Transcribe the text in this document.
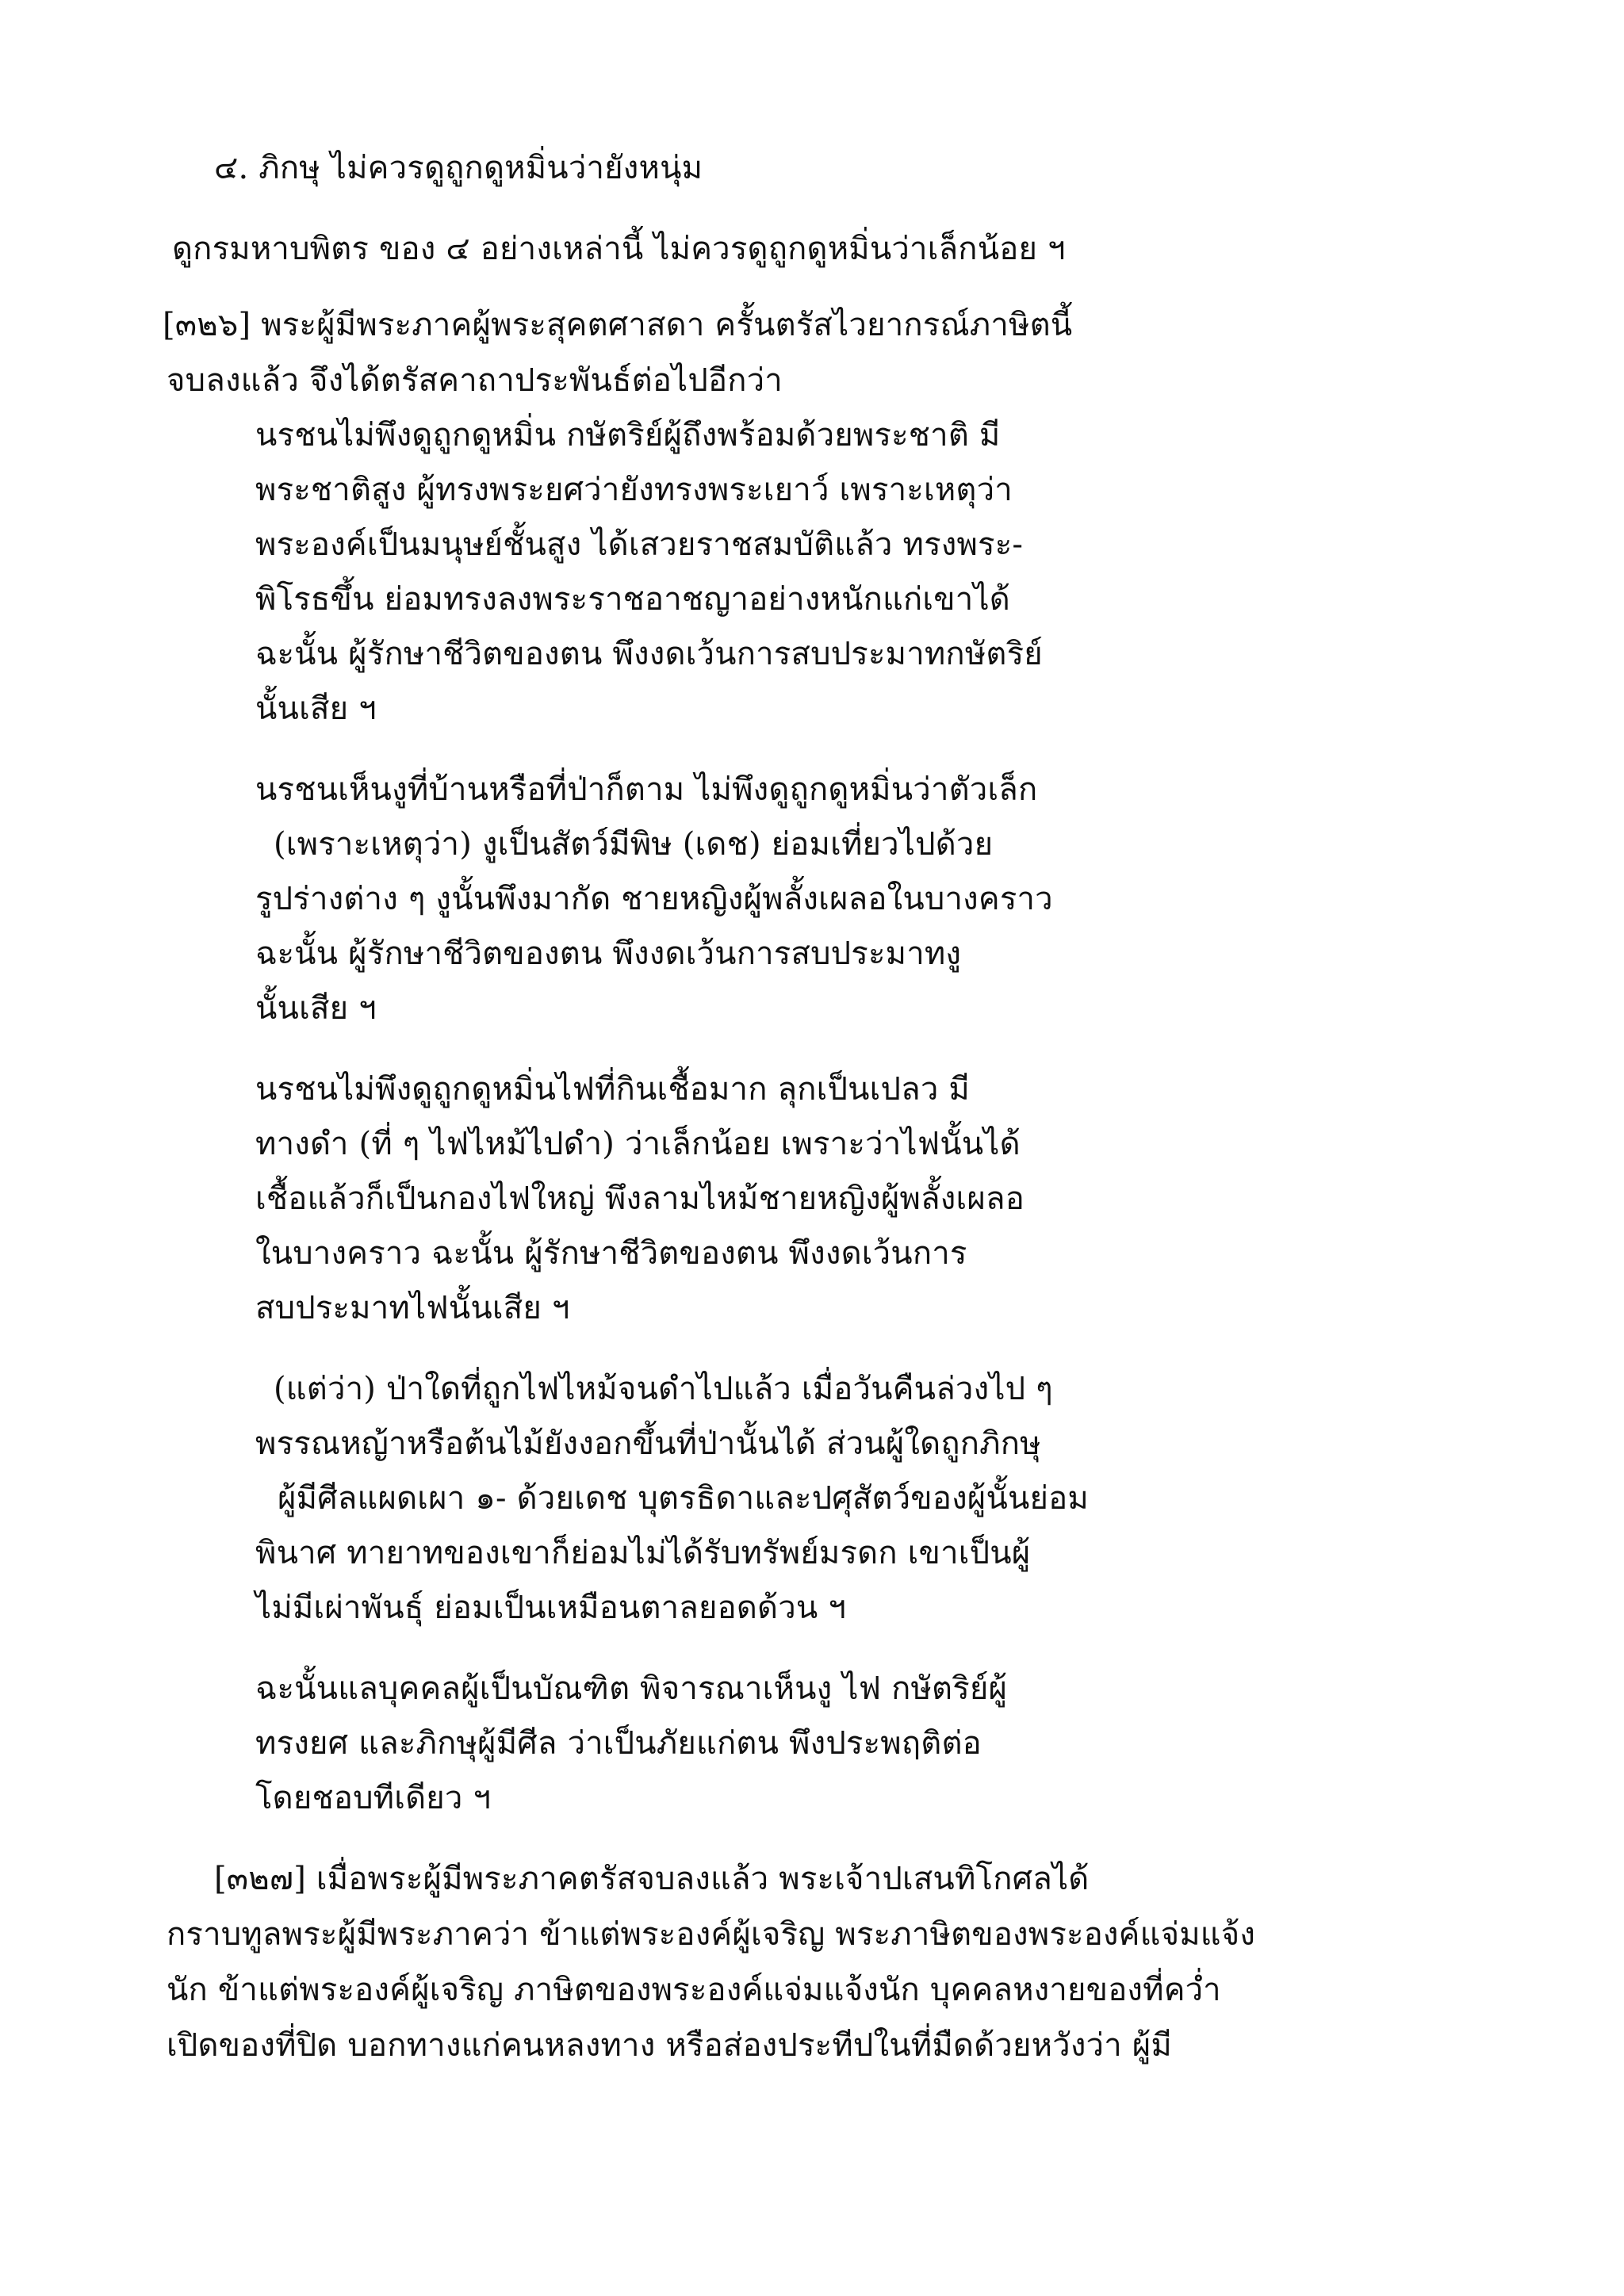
๔. ภิกษุ ไม่ควรดูถูกดูหมิ่นว่ายังหนุ่ม
ดูกรมหาบพิตร ของ ๔ อย่างเหล่านี้ ไม่ควรดูถูกดูหมิ่นว่าเล็กน้อย ฯ
[๓๒๖] พระผู้มีพระภาคผู้พระสุคตศาสดา ครั้นตรัสไวยากรณ์ภาษิตนี้
จบลงแล้ว จึงได้ตรัสคาถาประพันธ์ต่อไปอีกว่า
นรชนไม่พึงดูถูกดูหมิ่น กษัตริย์ผู้ถึงพร้อมด้วยพระชาติ มี
พระชาติสูง ผู้ทรงพระยศว่ายังทรงพระเยาว์ เพราะเหตุว่า
พระองค์เป็นมนุษย์ชั้นสูง ได้เสวยราชสมบัติแล้ว ทรงพระ-
พิโรธขึ้น ย่อมทรงลงพระราชอาชญาอย่างหนักแก่เขาได้
ฉะนั้น ผู้รักษาชีวิตของตน พึงงดเว้นการสบประมาทกษัตริย์
นั้นเสีย ฯ
นรชนเห็นงูที่บ้านหรือที่ป่าก็ตาม ไม่พึงดูถูกดูหมิ่นว่าตัวเล็ก
(เพราะเหตุว่า) งูเป็นสัตว์มีพิษ (เดช) ย่อมเที่ยวไปด้วย
รูปร่างต่าง ๆ งูนั้นพึงมากัด ชายหญิงผู้พลั้งเผลอในบางคราว
ฉะนั้น ผู้รักษาชีวิตของตน พึงงดเว้นการสบประมาทงู
นั้นเสีย ฯ
นรชนไม่พึงดูถูกดูหมิ่นไฟที่กินเชื้อมาก ลุกเป็นเปลว มี
ทางดำ (ที่ ๆ ไฟไหม้ไปดำ) ว่าเล็กน้อย เพราะว่าไฟนั้นได้
เชื้อแล้วก็เป็นกองไฟใหญ่ พึงลามไหม้ชายหญิงผู้พลั้งเผลอ
ในบางคราว ฉะนั้น ผู้รักษาชีวิตของตน พึงงดเว้นการ
สบประมาทไฟนั้นเสีย ฯ
(แต่ว่า) ป่าใดที่ถูกไฟไหม้จนดำไปแล้ว เมื่อวันคืนล่วงไป ๆ
พรรณหญ้าหรือต้นไม้ยังงอกขึ้นที่ป่านั้นได้ ส่วนผู้ใดถูกภิกษุ
ผู้มีศีลแผดเผา ๑- ด้วยเดช บุตรธิดาและปศุสัตว์ของผู้นั้นย่อม
พินาศ ทายาทของเขาก็ย่อมไม่ได้รับทรัพย์มรดก เขาเป็นผู้
ไม่มีเผ่าพันธุ์ ย่อมเป็นเหมือนตาลยอดด้วน ฯ
ฉะนั้นแลบุคคลผู้เป็นบัณฑิต พิจารณาเห็นงู ไฟ กษัตริย์ผู้
ทรงยศ และภิกษุผู้มีศีล ว่าเป็นภัยแก่ตน พึงประพฤติต่อ
โดยชอบทีเดียว ฯ
[๓๒๗] เมื่อพระผู้มีพระภาคตรัสจบลงแล้ว พระเจ้าปเสนทิโกศลได้
กราบทูลพระผู้มีพระภาคว่า ข้าแต่พระองค์ผู้เจริญ พระภาษิตของพระองค์แจ่มแจ้ง
นัก ข้าแต่พระองค์ผู้เจริญ ภาษิตของพระองค์แจ่มแจ้งนัก บุคคลหงายของที่คว่ำ
เปิดของที่ปิด บอกทางแก่คนหลงทาง หรือส่องประทีปในที่มืดด้วยหวังว่า ผู้มี
